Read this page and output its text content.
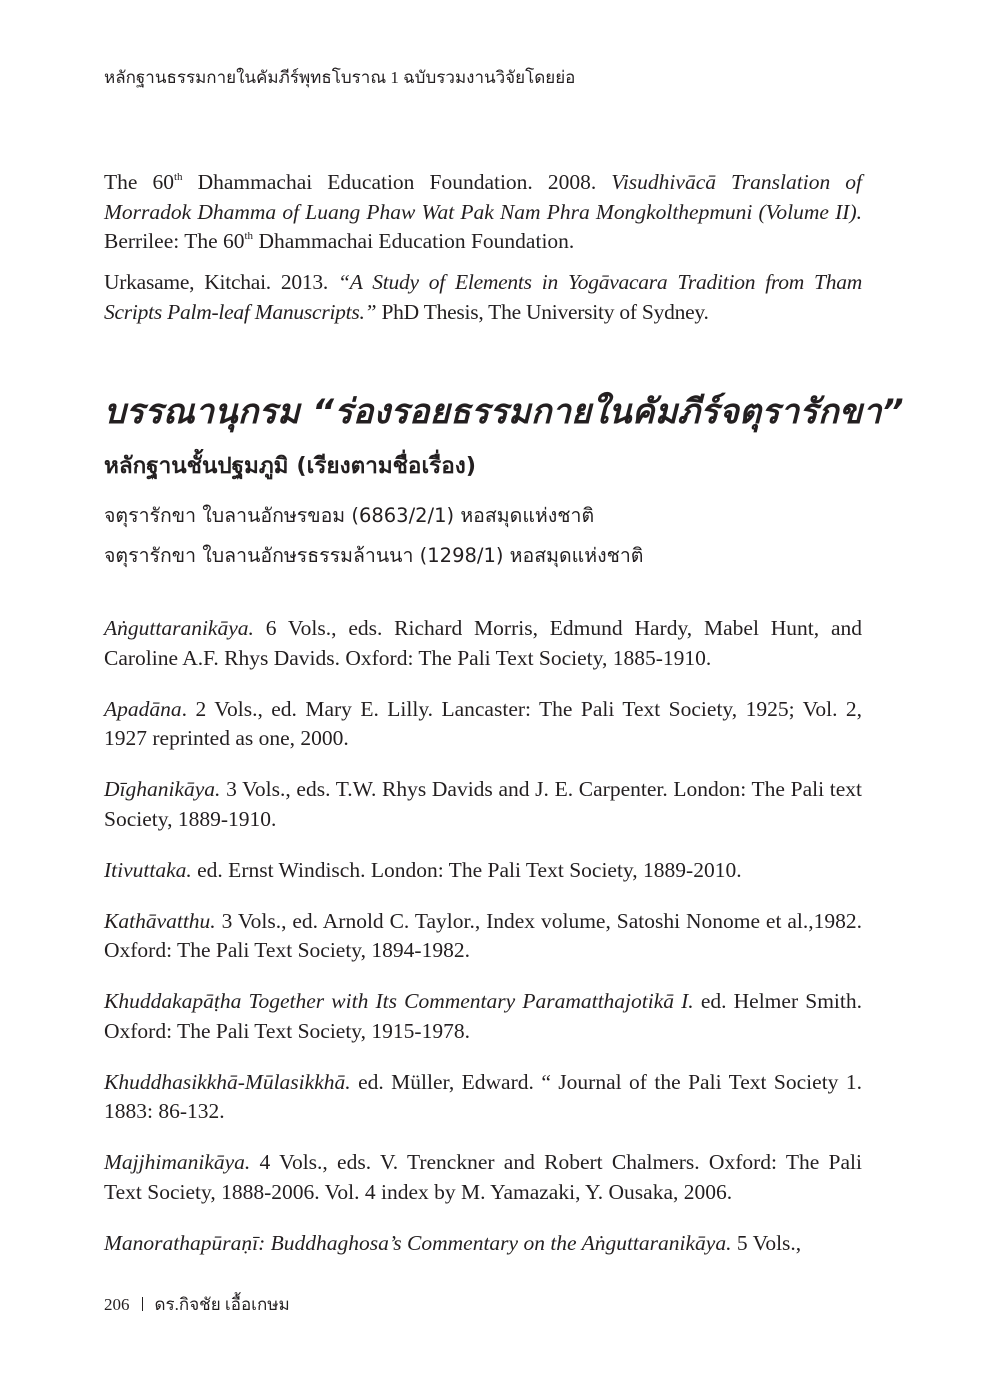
หลักฐานธรรมกายในคัมภีร์พุทธโบราณ 1 ฉบับรวมงานวิจัยโดยย่อ

The 60th Dhammachai Education Foundation. 2008. Visudhivācā Translation of Morradok Dhamma of Luang Phaw Wat Pak Nam Phra Mongkolthepmuni (Volume II). Berrilee: The 60th Dhammachai Education Foundation.

Urkasame, Kitchai. 2013. “A Study of Elements in Yogāvacara Tradition from Tham Scripts Palm-leaf Manuscripts.” PhD Thesis, The University of Sydney.

บรรณานุกรม “ร่องรอยธรรมกายในคัมภีร์จตุรารักขา”
หลักฐานชั้นปฐมภูมิ (เรียงตามชื่อเรื่อง)
จตุรารักขา ใบลานอักษรขอม (6863/2/1) หอสมุดแห่งชาติ
จตุรารักขา ใบลานอักษรธรรมล้านนา (1298/1) หอสมุดแห่งชาติ

Aṅguttaranikāya. 6 Vols., eds. Richard Morris, Edmund Hardy, Mabel Hunt, and Caroline A.F. Rhys Davids. Oxford: The Pali Text Society, 1885-1910.

Apadāna. 2 Vols., ed. Mary E. Lilly. Lancaster: The Pali Text Society, 1925; Vol. 2, 1927 reprinted as one, 2000.

Dīghanikāya. 3 Vols., eds. T.W. Rhys Davids and J. E. Carpenter. London: The Pali text Society, 1889-1910.

Itivuttaka. ed. Ernst Windisch. London: The Pali Text Society, 1889-2010.

Kathāvatthu. 3 Vols., ed. Arnold C. Taylor., Index volume, Satoshi Nonome et al.,1982. Oxford: The Pali Text Society, 1894-1982.

Khuddakapāṭha Together with Its Commentary Paramatthajotikā I. ed. Helmer Smith. Oxford: The Pali Text Society, 1915-1978.

Khuddhasikkhā-Mūlasikkhā. ed. Müller, Edward. “ Journal of the Pali Text Society 1. 1883: 86-132.

Majjhimanikāya. 4 Vols., eds. V. Trenckner and Robert Chalmers. Oxford: The Pali Text Society, 1888-2006. Vol. 4 index by M. Yamazaki, Y. Ousaka, 2006.

Manorathapūraṇī: Buddhaghosa’s Commentary on the Aṅguttaranikāya. 5 Vols.,

206 ดร.กิจชัย เอื้อเกษม
